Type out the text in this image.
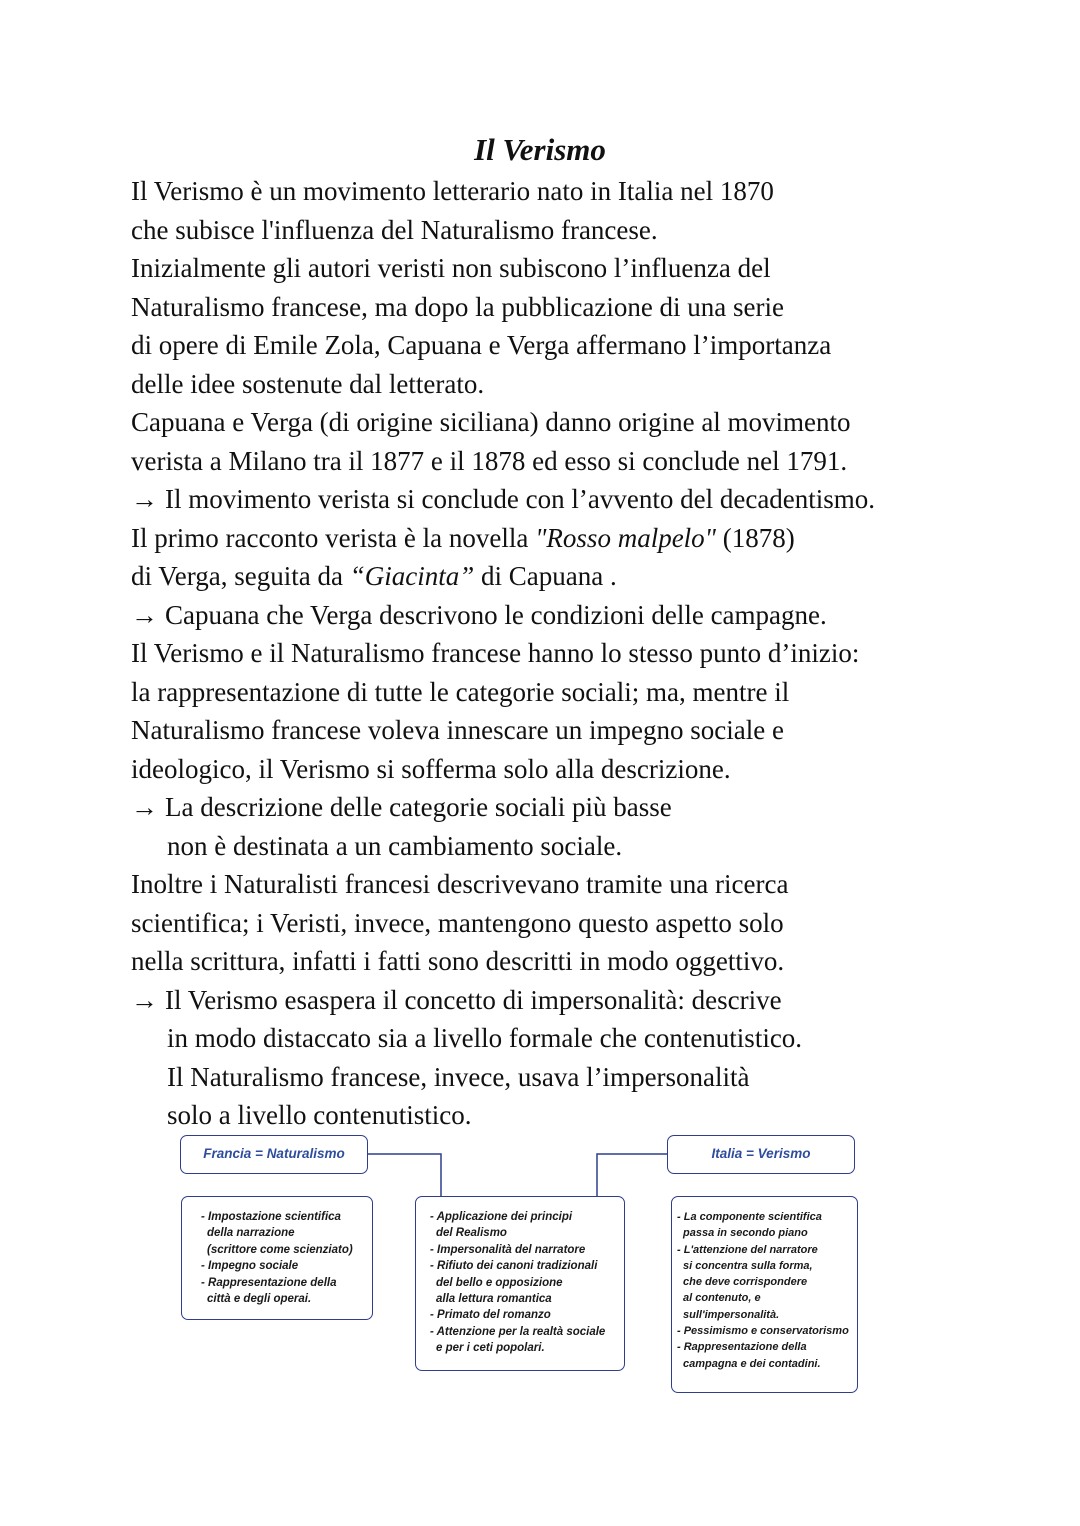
Il Verismo
Il Verismo è un movimento letterario nato in Italia nel 1870
che subisce l'influenza del Naturalismo francese.
Inizialmente gli autori veristi non subiscono l’influenza del
Naturalismo francese, ma dopo la pubblicazione di una serie
di opere di Emile Zola, Capuana e Verga affermano l’importanza
delle idee sostenute dal letterato.
Capuana e Verga (di origine siciliana) danno origine al movimento
verista a Milano tra il 1877 e il 1878 ed esso si conclude nel 1791.
→ Il movimento verista si conclude con l’avvento del decadentismo.
Il primo racconto verista è la novella "Rosso malpelo" (1878)
di Verga, seguita da “Giacinta” di Capuana .
→ Capuana che Verga descrivono le condizioni delle campagne.
Il Verismo e il Naturalismo francese hanno lo stesso punto d’inizio:
la rappresentazione di tutte le categorie sociali; ma, mentre il
Naturalismo francese voleva innescare un impegno sociale e
ideologico, il Verismo si sofferma solo alla descrizione.
→ La descrizione delle categorie sociali più basse
non è destinata a un cambiamento sociale.
Inoltre i Naturalisti francesi descrivevano tramite una ricerca
scientifica; i Veristi, invece, mantengono questo aspetto solo
nella scrittura, infatti i fatti sono descritti in modo oggettivo.
→ Il Verismo esaspera il concetto di impersonalità: descrive
in modo distaccato sia a livello formale che contenutistico.
Il Naturalismo francese, invece, usava l’impersonalità
solo a livello contenutistico.
Francia = Naturalismo	Italia = Verismo
- Impostazione scientifica
della narrazione
(scrittore come scienziato)
- Impegno sociale
- Rappresentazione della
città e degli operai.
- Applicazione dei principi
del Realismo
- Impersonalità del narratore
- Rifiuto dei canoni tradizionali
del bello e opposizione
alla lettura romantica
- Primato del romanzo
- Attenzione per la realtà sociale
e per i ceti popolari.
- La componente scientifica
passa in secondo piano
- L'attenzione del narratore
si concentra sulla forma,
che deve corrispondere
al contenuto, e
sull'impersonalità.
- Pessimismo e conservatorismo
- Rappresentazione della
campagna e dei contadini.
